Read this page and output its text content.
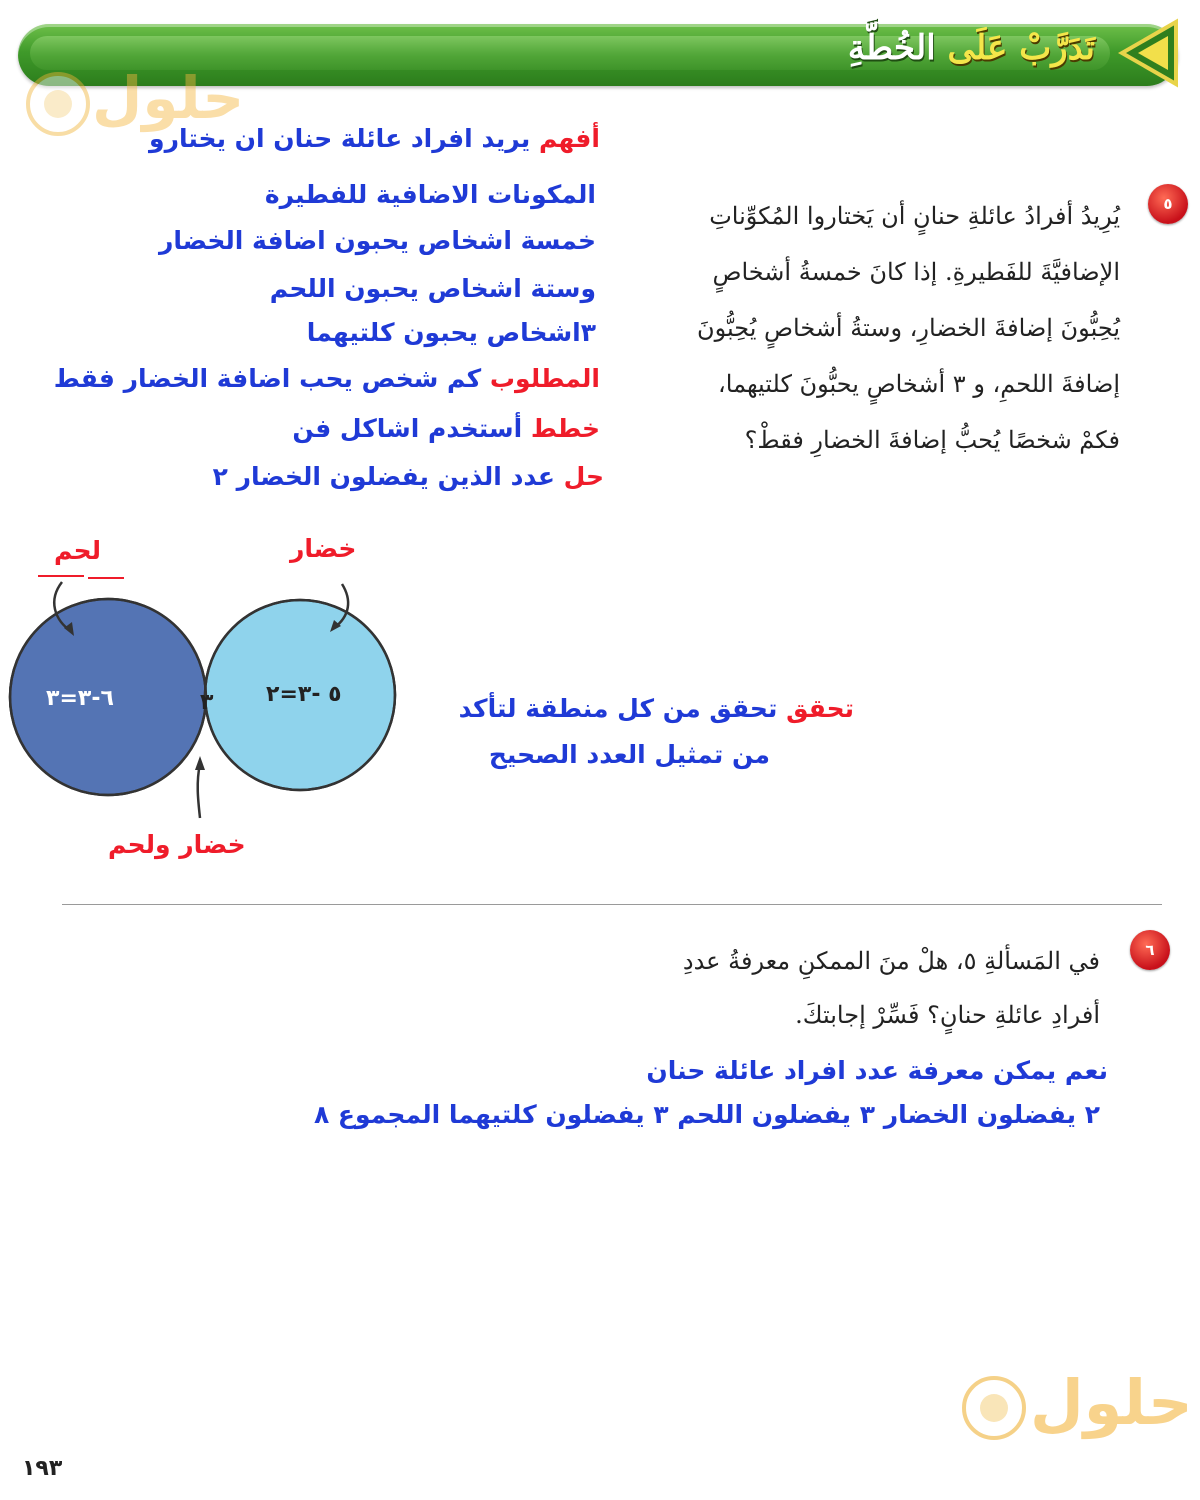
تَدَرَّبْ عَلَى الخُطَّةِ
حلول
حلول
٥
يُرِيدُ أفرادُ عائلةِ حنانٍ أن يَختاروا المُكوِّناتِ
الإضافيَّةَ للفَطيرةِ. إذا كانَ خمسةُ أشخاصٍ
يُحِبُّونَ إضافةَ الخضارِ، وستةُ أشخاصٍ يُحِبُّونَ
إضافةَ اللحمِ، و ٣ أشخاصٍ يحبُّونَ كلتيهما،
فكمْ شخصًا يُحبُّ إضافةَ الخضارِ فقطْ؟
أفهم يريد افراد عائلة حنان ان يختارو
المكونات الاضافية للفطيرة
خمسة اشخاص يحبون اضافة الخضار
وستة اشخاص يحبون اللحم
٣اشخاص يحبون كلتيهما
المطلوب كم شخص يحب اضافة الخضار فقط
خطط أستخدم اشاكل فن
حل عدد الذين يفضلون الخضار ٢
لحم	خضار
خضار ولحم
٦-٣=٣	٣ ٥ -٣=٢	تحقق تحقق من كل منطقة لتأكد
من تمثيل العدد الصحيح
٦
في المَسألةِ ٥، هلْ منَ الممكنِ معرفةُ عددِ
أفرادِ عائلةِ حنانٍ؟ فَسِّرْ إجابتكَ.
نعم يمكن معرفة عدد افراد عائلة حنان
٢ يفضلون الخضار ٣ يفضلون اللحم ٣ يفضلون كلتيهما المجموع ٨
١٩٣
